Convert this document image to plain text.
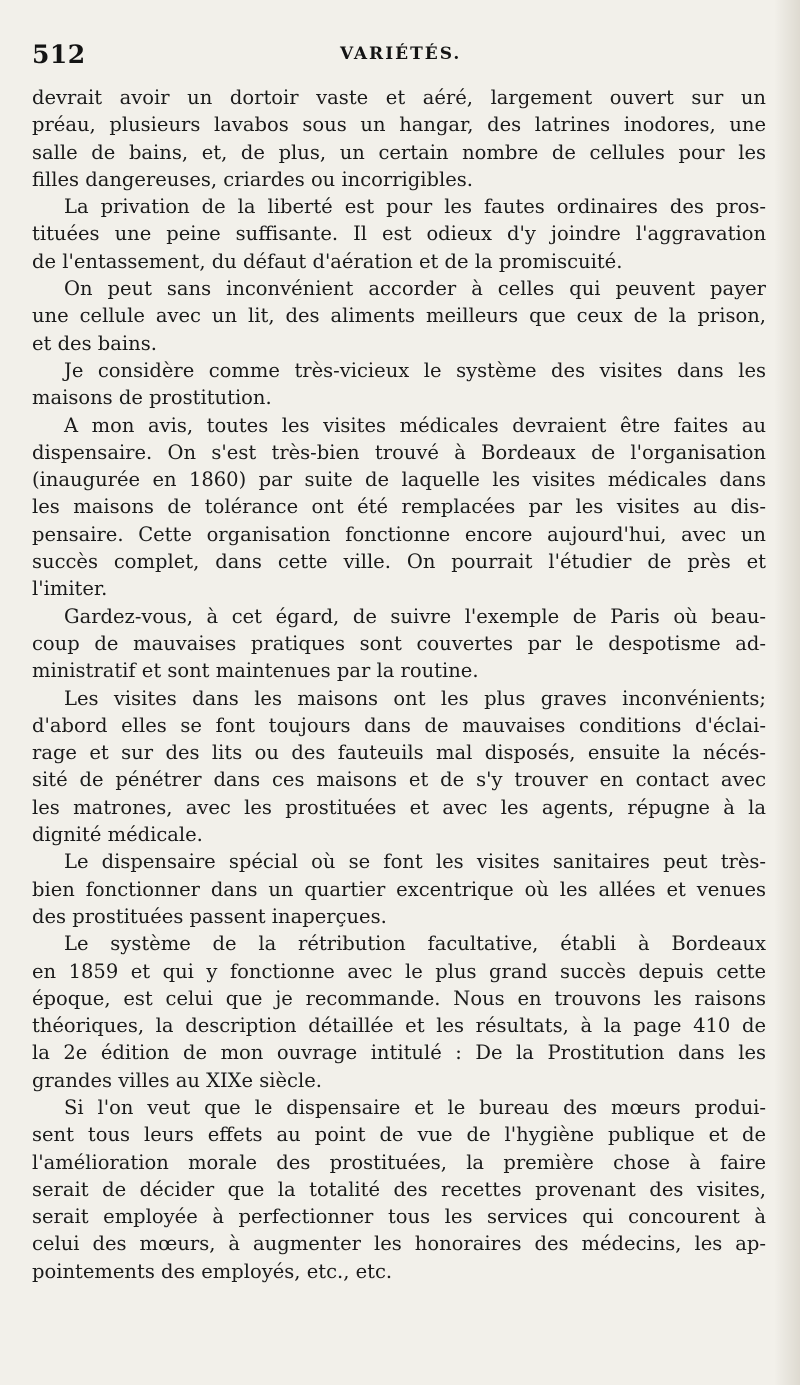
512	VARIÉTÉS.
devrait avoir un dortoir vaste et aéré, largement ouvert sur un
préau, plusieurs lavabos sous un hangar, des latrines inodores, une
salle de bains, et, de plus, un certain nombre de cellules pour les
filles dangereuses, criardes ou incorrigibles.
La privation de la liberté est pour les fautes ordinaires des pros-
tituées une peine suffisante. Il est odieux d'y joindre l'aggravation
de l'entassement, du défaut d'aération et de la promiscuité.
On peut sans inconvénient accorder à celles qui peuvent payer
une cellule avec un lit, des aliments meilleurs que ceux de la prison,
et des bains.
Je considère comme très-vicieux le système des visites dans les
maisons de prostitution.
A mon avis, toutes les visites médicales devraient être faites au
dispensaire. On s'est très-bien trouvé à Bordeaux de l'organisation
(inaugurée en 1860) par suite de laquelle les visites médicales dans
les maisons de tolérance ont été remplacées par les visites au dis-
pensaire. Cette organisation fonctionne encore aujourd'hui, avec un
succès complet, dans cette ville. On pourrait l'étudier de près et
l'imiter.
Gardez-vous, à cet égard, de suivre l'exemple de Paris où beau-
coup de mauvaises pratiques sont couvertes par le despotisme ad-
ministratif et sont maintenues par la routine.
Les visites dans les maisons ont les plus graves inconvénients;
d'abord elles se font toujours dans de mauvaises conditions d'éclai-
rage et sur des lits ou des fauteuils mal disposés, ensuite la nécés-
sité de pénétrer dans ces maisons et de s'y trouver en contact avec
les matrones, avec les prostituées et avec les agents, répugne à la
dignité médicale.
Le dispensaire spécial où se font les visites sanitaires peut très-
bien fonctionner dans un quartier excentrique où les allées et venues
des prostituées passent inaperçues.
Le système de la rétribution facultative, établi à Bordeaux
en 1859 et qui y fonctionne avec le plus grand succès depuis cette
époque, est celui que je recommande. Nous en trouvons les raisons
théoriques, la description détaillée et les résultats, à la page 410 de
la 2e édition de mon ouvrage intitulé : De la Prostitution dans les
grandes villes au XIXe siècle.
Si l'on veut que le dispensaire et le bureau des mœurs produi-
sent tous leurs effets au point de vue de l'hygiène publique et de
l'amélioration morale des prostituées, la première chose à faire
serait de décider que la totalité des recettes provenant des visites,
serait employée à perfectionner tous les services qui concourent à
celui des mœurs, à augmenter les honoraires des médecins, les ap-
pointements des employés, etc., etc.
